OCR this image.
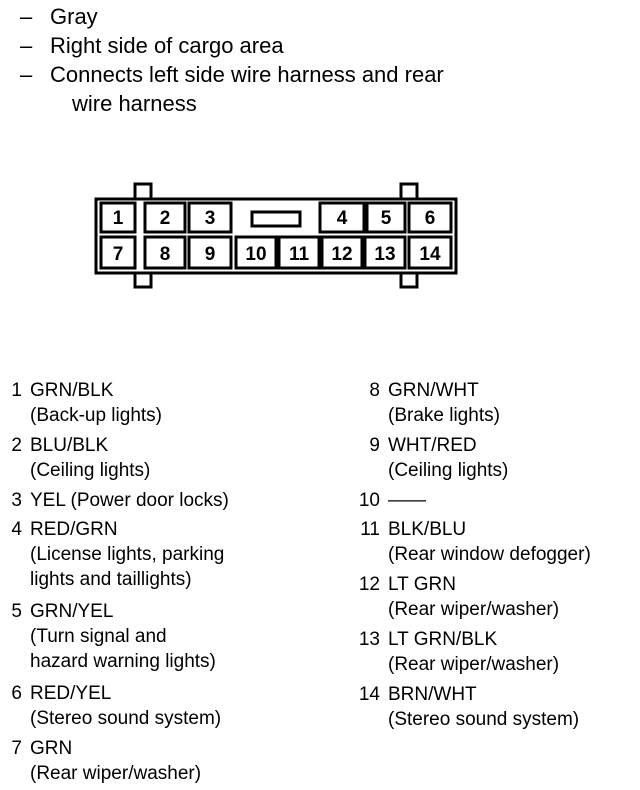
– Gray
– Right side of cargo area
– Connects left side wire harness and rear
wire harness
1 2 3	4 5 6
7 8 9 10 11 12 13 14
1 GRN/BLK
(Back-up lights)
2 BLU/BLK
(Ceiling lights)
3 YEL (Power door locks)
4 RED/GRN
(License lights, parking
lights and taillights)
5 GRN/YEL
(Turn signal and
hazard warning lights)
6 RED/YEL
(Stereo sound system)
7 GRN
(Rear wiper/washer)
8 GRN/WHT
(Brake lights)
9 WHT/RED
(Ceiling lights)
10 ——
11 BLK/BLU
(Rear window defogger)
12 LT GRN
(Rear wiper/washer)
13 LT GRN/BLK
(Rear wiper/washer)
14 BRN/WHT
(Stereo sound system)
